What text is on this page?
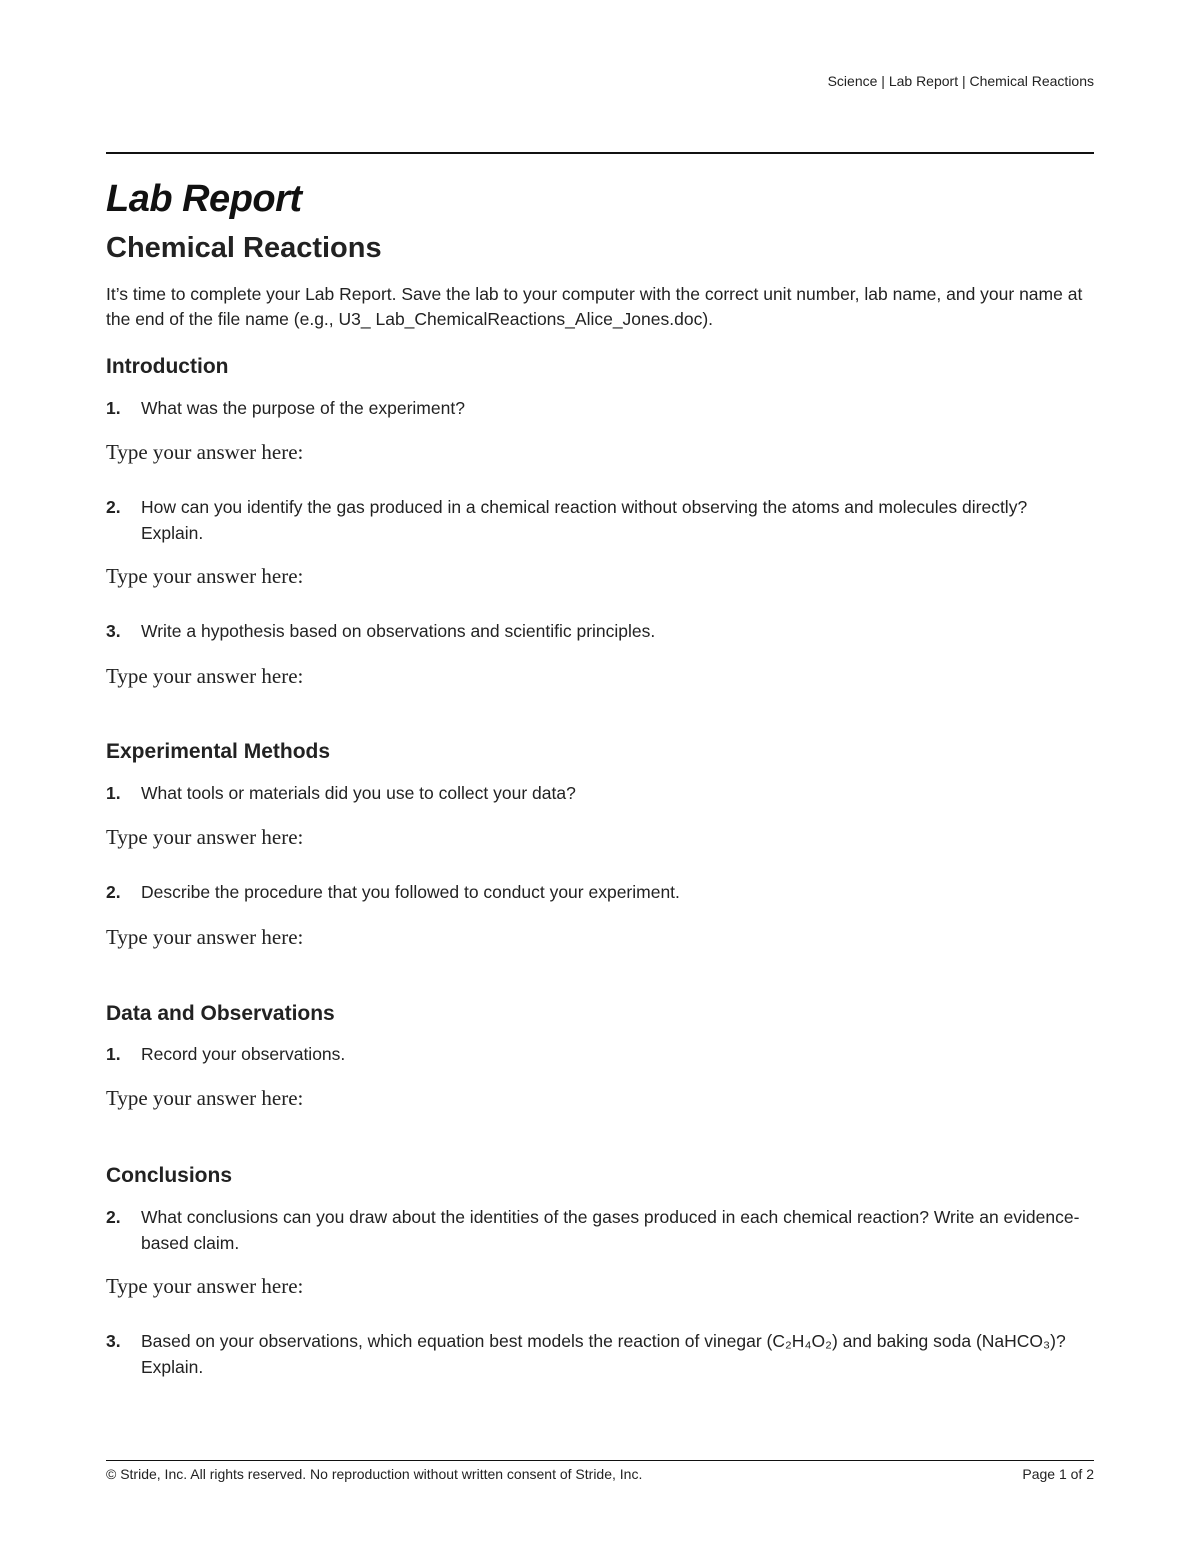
Science | Lab Report | Chemical Reactions
Lab Report
Chemical Reactions
It’s time to complete your Lab Report. Save the lab to your computer with the correct unit number, lab name, and your name at the end of the file name (e.g., U3_ Lab_ChemicalReactions_Alice_Jones.doc).
Introduction
1. What was the purpose of the experiment?
Type your answer here:
2. How can you identify the gas produced in a chemical reaction without observing the atoms and molecules directly? Explain.
Type your answer here:
3. Write a hypothesis based on observations and scientific principles.
Type your answer here:
Experimental Methods
1. What tools or materials did you use to collect your data?
Type your answer here:
2. Describe the procedure that you followed to conduct your experiment.
Type your answer here:
Data and Observations
1. Record your observations.
Type your answer here:
Conclusions
2. What conclusions can you draw about the identities of the gases produced in each chemical reaction? Write an evidence-based claim.
Type your answer here:
3. Based on your observations, which equation best models the reaction of vinegar (C₂H₄O₂) and baking soda (NaHCO₃)? Explain.
© Stride, Inc. All rights reserved. No reproduction without written consent of Stride, Inc.	Page 1 of 2
